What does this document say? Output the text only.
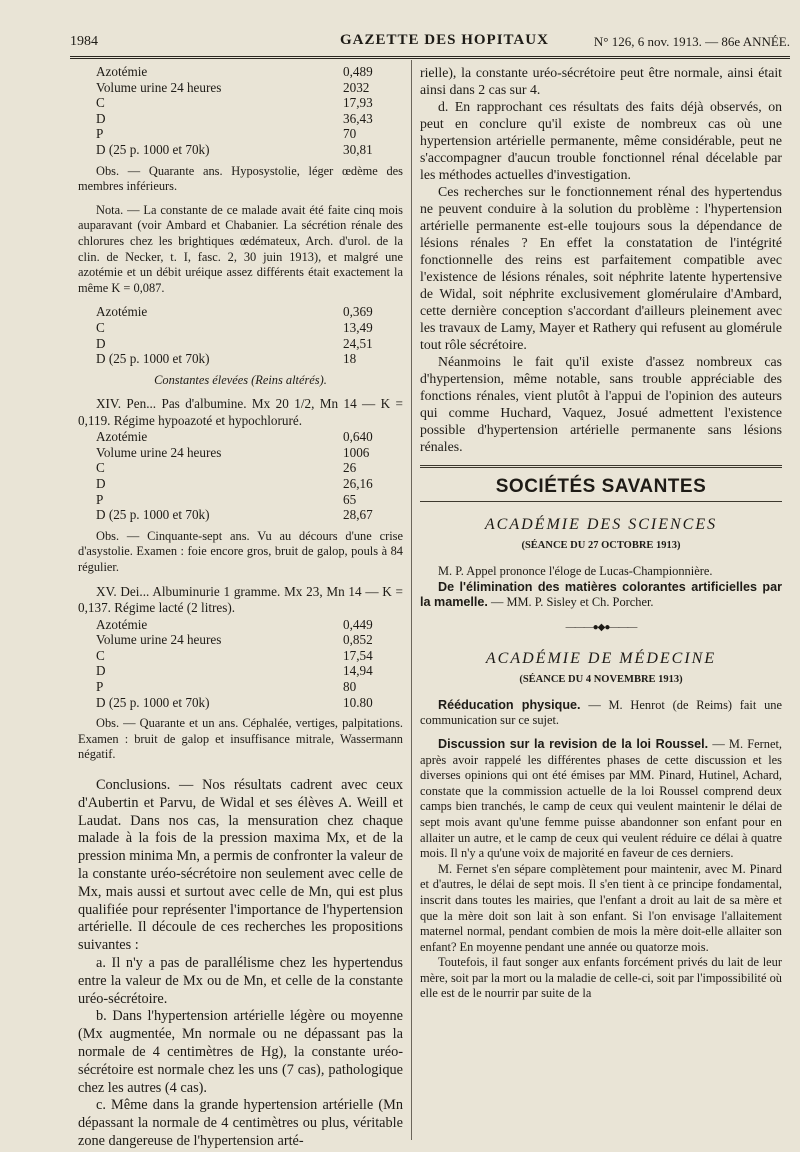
1984	GAZETTE DES HOPITAUX	N° 126, 6 nov. 1913. — 86e ANNÉE.
Azotémie	0,489
Volume urine 24 heures	2032
C	17,93
D	36,43
P	70
D (25 p. 1000 et 70k)	30,81

Obs. — Quarante ans. Hyposystolie, léger œdème des membres inférieurs.

Nota. — La constante de ce malade avait été faite cinq mois auparavant (voir Ambard et Chabanier. La sécrétion rénale des chlorures chez les brightiques œdémateux, Arch. d'urol. de la clin. de Necker, t. I, fasc. 2, 30 juin 1913), et malgré une azotémie et un débit uréique assez différents était exactement la même K = 0,087.

Azotémie	0,369
C	13,49
D	24,51
D (25 p. 1000 et 70k)	18

Constantes élevées (Reins altérés).

XIV. Pen... Pas d'albumine. Mx 20 1/2, Mn 14 — K = 0,119. Régime hypoazoté et hypochloruré.

Azotémie	0,640
Volume urine 24 heures	1006
C	26
D	26,16
P	65
D (25 p. 1000 et 70k)	28,67

Obs. — Cinquante-sept ans. Vu au décours d'une crise d'asystolie. Examen : foie encore gros, bruit de galop, pouls à 84 régulier.

XV. Dei... Albuminurie 1 gramme. Mx 23, Mn 14 — K = 0,137. Régime lacté (2 litres).

Azotémie	0,449
Volume urine 24 heures	0,852
C	17,54
D	14,94
P	80
D (25 p. 1000 et 70k)	10.80

Obs. — Quarante et un ans. Céphalée, vertiges, palpitations. Examen : bruit de galop et insuffisance mitrale, Wassermann négatif.

Conclusions. — Nos résultats cadrent avec ceux d'Aubertin et Parvu, de Widal et ses élèves A. Weill et Laudat. Dans nos cas, la mensuration chez chaque malade à la fois de la pression maxima Mx, et de la pression minima Mn, a permis de confronter la valeur de la constante uréo-sécrétoire non seulement avec celle de Mx, mais aussi et surtout avec celle de Mn, qui est plus qualifiée pour représenter l'importance de l'hypertension artérielle. Il découle de ces recherches les propositions suivantes :

a. Il n'y a pas de parallélisme chez les hypertendus entre la valeur de Mx ou de Mn, et celle de la constante uréo-sécrétoire.

b. Dans l'hypertension artérielle légère ou moyenne (Mx augmentée, Mn normale ou ne dépassant pas la normale de 4 centimètres de Hg), la constante uréo-sécrétoire est normale chez les uns (7 cas), pathologique chez les autres (4 cas).

c. Même dans la grande hypertension artérielle (Mn dépassant la normale de 4 centimètres ou plus, véritable zone dangereuse de l'hypertension arté-

rielle), la constante uréo-sécrétoire peut être normale, ainsi était ainsi dans 2 cas sur 4.

d. En rapprochant ces résultats des faits déjà observés, on peut en conclure qu'il existe de nombreux cas où une hypertension artérielle permanente, même considérable, peut ne s'accompagner d'aucun trouble fonctionnel rénal décelable par les méthodes actuelles d'investigation.

Ces recherches sur le fonctionnement rénal des hypertendus ne peuvent conduire à la solution du problème : l'hypertension artérielle permanente est-elle toujours sous la dépendance de lésions rénales ? En effet la constatation de l'intégrité fonctionnelle des reins est parfaitement compatible avec l'existence de lésions rénales, soit néphrite latente hypertensive de Widal, soit néphrite exclusivement glomérulaire d'Ambard, cette dernière conception s'accordant d'ailleurs pleinement avec les travaux de Lamy, Mayer et Rathery qui refusent au glomérule tout rôle sécrétoire.

Néanmoins le fait qu'il existe d'assez nombreux cas d'hypertension, même notable, sans trouble appréciable des fonctions rénales, vient plutôt à l'appui de l'opinion des auteurs qui comme Huchard, Vaquez, Josué admettent l'existence possible d'hypertension artérielle permanente sans lésions rénales.

SOCIÉTÉS SAVANTES
ACADÉMIE DES SCIENCES
(SÉANCE DU 27 OCTOBRE 1913)

M. P. Appel prononce l'éloge de Lucas-Championnière.

De l'élimination des matières colorantes artificielles par la mamelle. — MM. P. Sisley et Ch. Porcher.

———●◆●———
ACADÉMIE DE MÉDECINE
(SÉANCE DU 4 NOVEMBRE 1913)

Rééducation physique. — M. Henrot (de Reims) fait une communication sur ce sujet.

Discussion sur la revision de la loi Roussel. — M. Fernet, après avoir rappelé les différentes phases de cette discussion et les diverses opinions qui ont été émises par MM. Pinard, Hutinel, Achard, constate que la commission actuelle de la loi Roussel comprend deux camps bien tranchés, le camp de ceux qui veulent maintenir le délai de sept mois avant qu'une femme puisse abandonner son enfant pour en allaiter un autre, et le camp de ceux qui veulent réduire ce délai à quatre mois. Il n'y a qu'une voix de majorité en faveur de ces derniers.

M. Fernet s'en sépare complètement pour maintenir, avec M. Pinard et d'autres, le délai de sept mois. Il s'en tient à ce principe fondamental, inscrit dans toutes les mairies, que l'enfant a droit au lait de sa mère et que la mère doit son lait à son enfant. Si l'on envisage l'allaitement maternel normal, pendant combien de mois la mère doit-elle allaiter son enfant? En moyenne pendant une année ou quatorze mois.

Toutefois, il faut songer aux enfants forcément privés du lait de leur mère, soit par la mort ou la maladie de celle-ci, soit par l'impossibilité où elle est de le nourrir par suite de la
